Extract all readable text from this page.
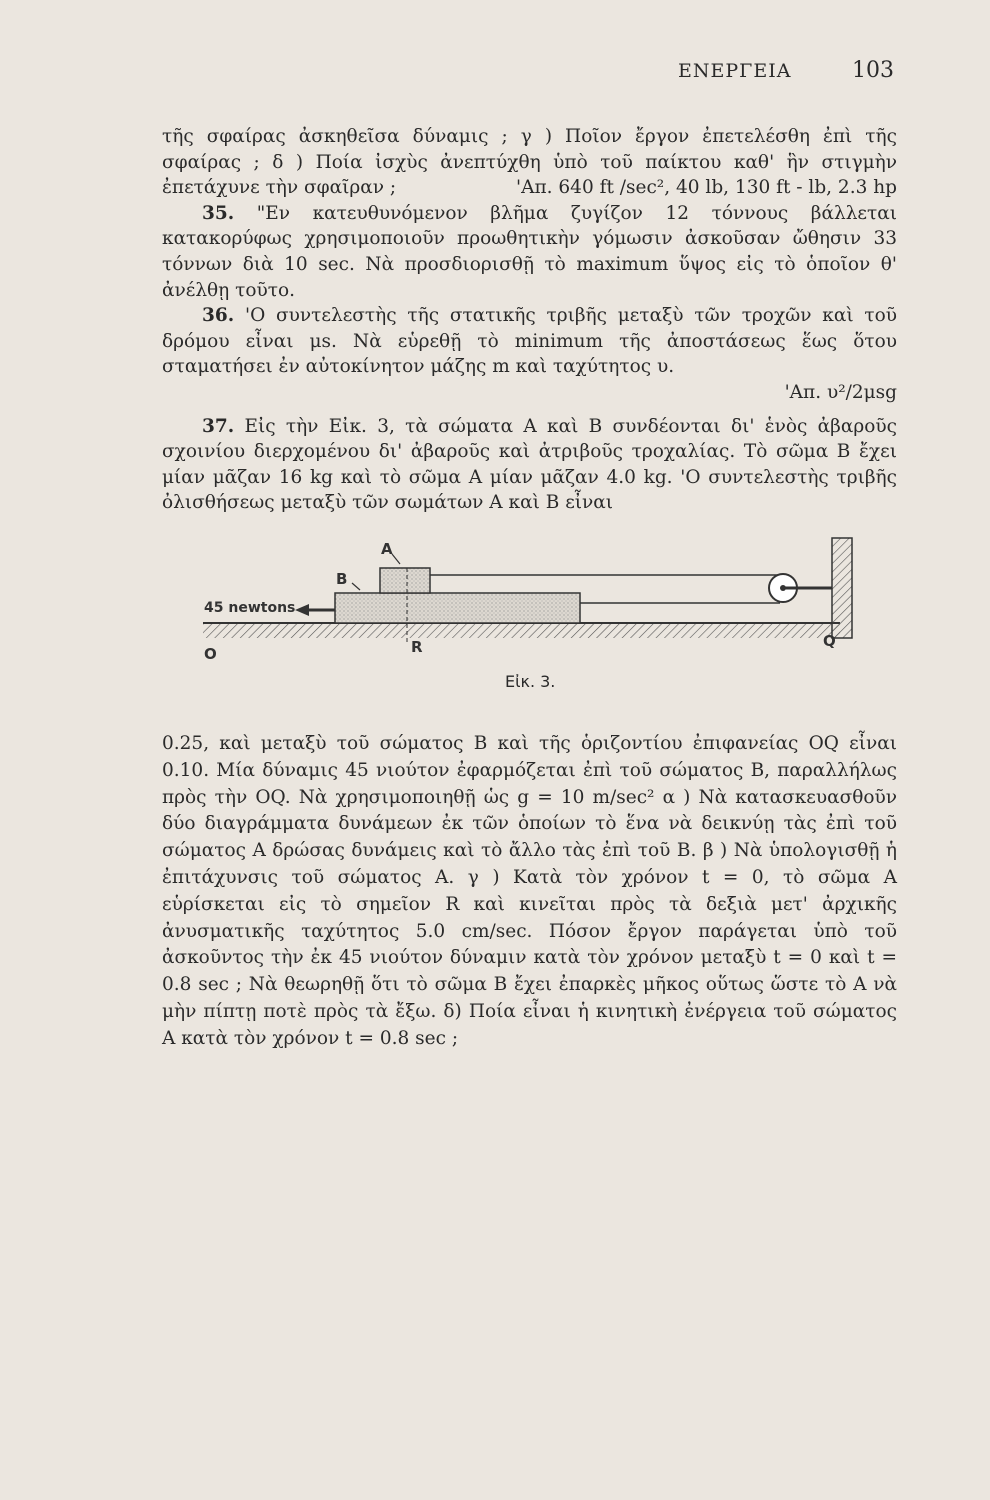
ΕΝΕΡΓΕΙΑ	103

τῆς σφαίρας ἀσκηθεῖσα δύναμις ; γ ) Ποῖον ἔργον ἐπετελέσθη ἐπὶ τῆς σφαίρας ; δ ) Ποία ἰσχὺς ἀνεπτύχθη ὑπὸ τοῦ παίκτου καθ' ἣν στιγμὴν ἐπετάχυνε τὴν σφαῖραν ;	'Απ. 640 ft /sec², 40 lb, 130 ft - lb, 2.3 hp

35. "Εν κατευθυνόμενον βλῆμα ζυγίζον 12 τόννους βάλλεται κατακορύφως χρησιμοποιοῦν προωθητικὴν γόμωσιν ἀσκοῦσαν ὤθησιν 33 τόννων διὰ 10 sec. Νὰ προσδιορισθῇ τὸ maximum ὕψος εἰς τὸ ὁποῖον θ' ἀνέλθῃ τοῦτο.

36. 'Ο συντελεστὴς τῆς στατικῆς τριβῆς μεταξὺ τῶν τροχῶν καὶ τοῦ δρόμου εἶναι μs. Νὰ εὑρεθῇ τὸ minimum τῆς ἀποστάσεως ἕως ὅτου σταματήσει ἐν αὐτοκίνητον μάζης m καὶ ταχύτητος υ.

'Απ. υ²/2μsg

37. Εἰς τὴν Εἰκ. 3, τὰ σώματα A καὶ B συνδέονται δι' ἑνὸς ἀβαροῦς σχοινίου διερχομένου δι' ἀβαροῦς καὶ ἀτριβοῦς τροχαλίας. Τὸ σῶμα B ἔχει μίαν μᾶζαν 16 kg καὶ τὸ σῶμα A μίαν μᾶζαν 4.0 kg. 'Ο συντελεστὴς τριβῆς ὀλισθήσεως μεταξὺ τῶν σωμάτων A καὶ B εἶναι

A
B
45 newtons
O	R	Q
Εἰκ. 3.

0.25, καὶ μεταξὺ τοῦ σώματος B καὶ τῆς ὁριζοντίου ἐπιφανείας OQ εἶναι 0.10. Μία δύναμις 45 νιούτον ἐφαρμόζεται ἐπὶ τοῦ σώματος B, παραλλήλως πρὸς τὴν OQ. Νὰ χρησιμοποιηθῇ ὡς g = 10 m/sec² α ) Νὰ κατασκευασθοῦν δύο διαγράμματα δυνάμεων ἐκ τῶν ὁποίων τὸ ἕνα νὰ δεικνύῃ τὰς ἐπὶ τοῦ σώματος A δρώσας δυνάμεις καὶ τὸ ἄλλο τὰς ἐπὶ τοῦ B. β ) Νὰ ὑπολογισθῇ ἡ ἐπιτάχυνσις τοῦ σώματος A. γ ) Κατὰ τὸν χρόνον t = 0, τὸ σῶμα A εὑρίσκεται εἰς τὸ σημεῖον R καὶ κινεῖται πρὸς τὰ δεξιὰ μετ' ἀρχικῆς ἀνυσματικῆς ταχύτητος 5.0 cm/sec. Πόσον ἔργον παράγεται ὑπὸ τοῦ ἀσκοῦντος τὴν ἐκ 45 νιούτον δύναμιν κατὰ τὸν χρόνον μεταξὺ t = 0 καὶ t = 0.8 sec ; Νὰ θεωρηθῇ ὅτι τὸ σῶμα B ἔχει ἐπαρκὲς μῆκος οὕτως ὥστε τὸ A νὰ μὴν πίπτῃ ποτὲ πρὸς τὰ ἔξω. δ) Ποία εἶναι ἡ κινητικὴ ἐνέργεια τοῦ σώματος A κατὰ τὸν χρόνον t = 0.8 sec ;
